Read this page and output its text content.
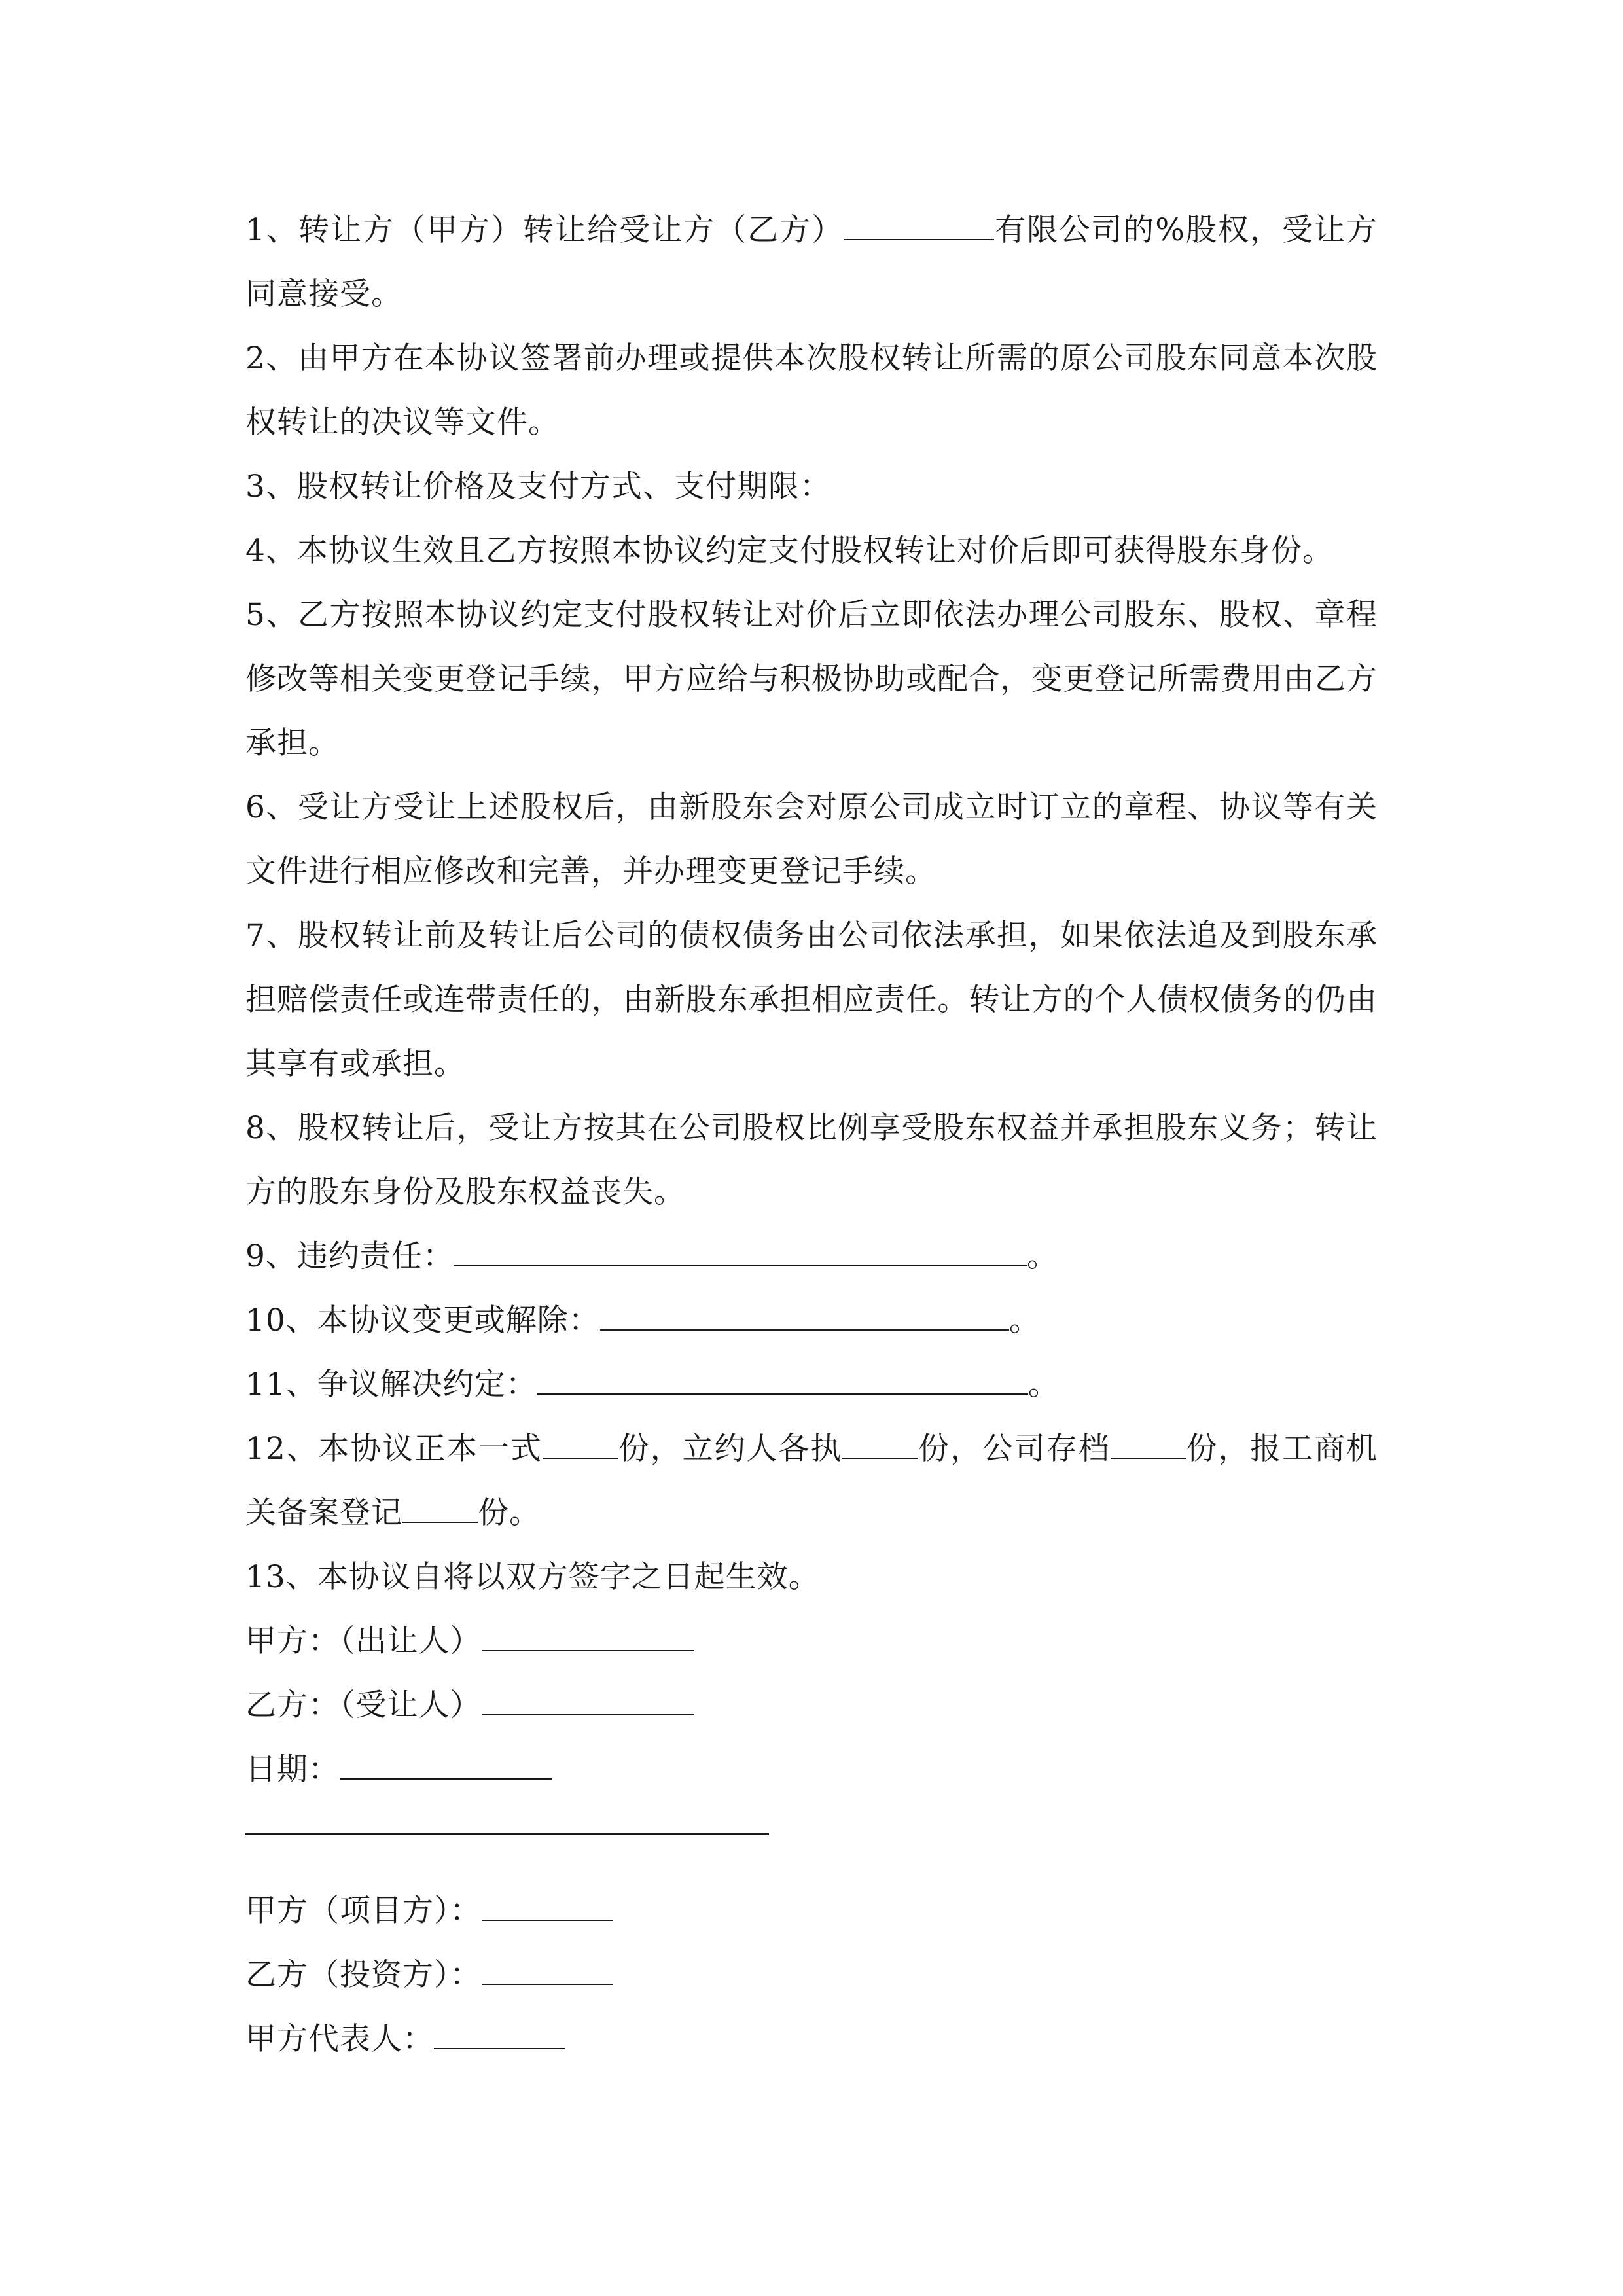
1、转让方（甲方）转让给受让方（乙方）	有限公司的%股权，受让方同意接受。

2、由甲方在本协议签署前办理或提供本次股权转让所需的原公司股东同意本次股权转让的决议等文件。

3、股权转让价格及支付方式、支付期限：

4、本协议生效且乙方按照本协议约定支付股权转让对价后即可获得股东身份。

5、乙方按照本协议约定支付股权转让对价后立即依法办理公司股东、股权、章程修改等相关变更登记手续，甲方应给与积极协助或配合，变更登记所需费用由乙方承担。

6、受让方受让上述股权后，由新股东会对原公司成立时订立的章程、协议等有关文件进行相应修改和完善，并办理变更登记手续。

7、股权转让前及转让后公司的债权债务由公司依法承担，如果依法追及到股东承担赔偿责任或连带责任的，由新股东承担相应责任。转让方的个人债权债务的仍由其享有或承担。

8、股权转让后，受让方按其在公司股权比例享受股东权益并承担股东义务；转让方的股东身份及股东权益丧失。

9、违约责任：	。

10、本协议变更或解除：	。

11、争议解决约定：	。

12、本协议正本一式 份，立约人各执 份，公司存档 份，报工商机关备案登记 份。

13、本协议自将以双方签字之日起生效。

甲方：（出让人）

乙方：（受让人）

日期：

甲方（项目方）：

乙方（投资方）：

甲方代表人：
